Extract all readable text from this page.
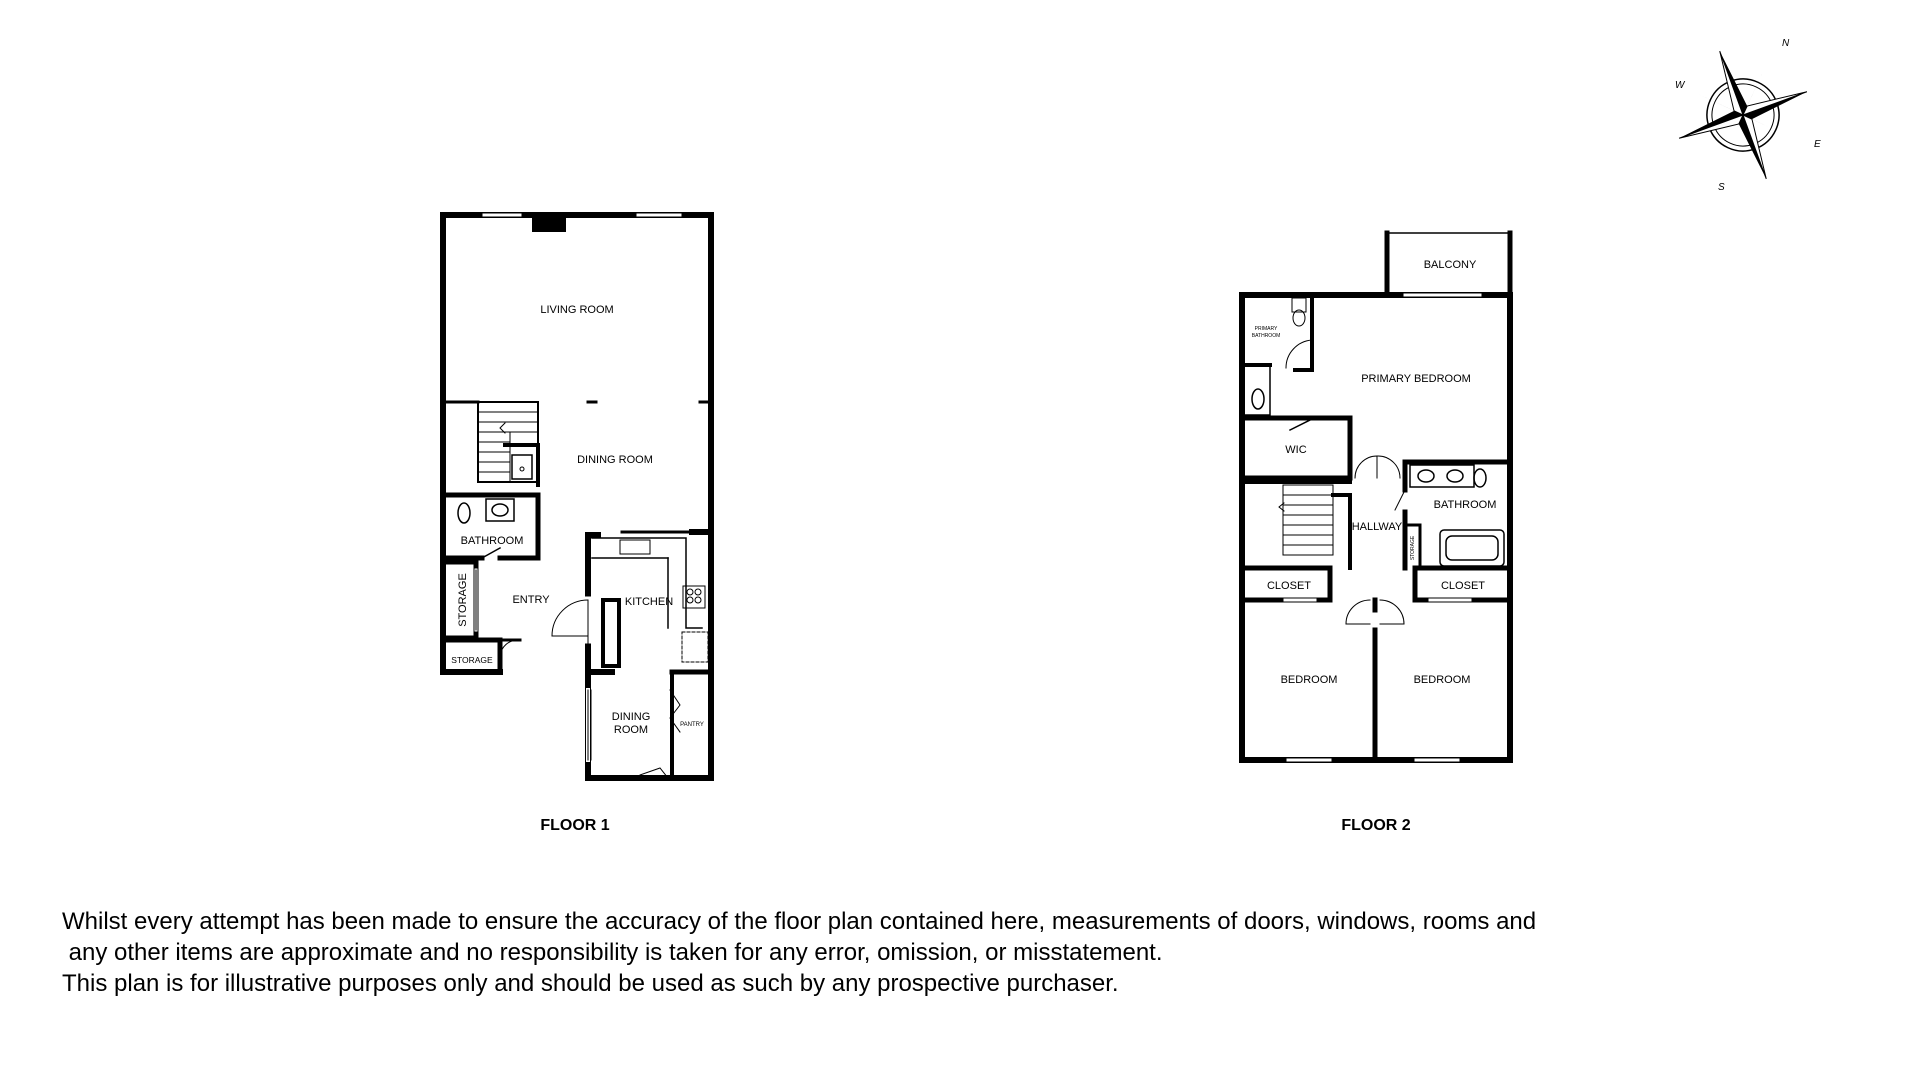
N
E
S
W
LIVING ROOM
DINING ROOM
BATHROOM
ENTRY	KITCHEN
STORAGE
DINING
ROOM	PANTRY
STORAGE
FLOOR 1
BALCONY
PRIMARY
BATHROOM
PRIMARY BEDROOM
WIC
BATHROOM
HALLWAY
CLOSET	CLOSET
BEDROOM	BEDROOM
STORAGE
FLOOR 2
Whilst every attempt has been made to ensure the accuracy of the floor plan contained here, measurements of doors, windows, rooms and
any other items are approximate and no responsibility is taken for any error, omission, or misstatement.
This plan is for illustrative purposes only and should be used as such by any prospective purchaser.
